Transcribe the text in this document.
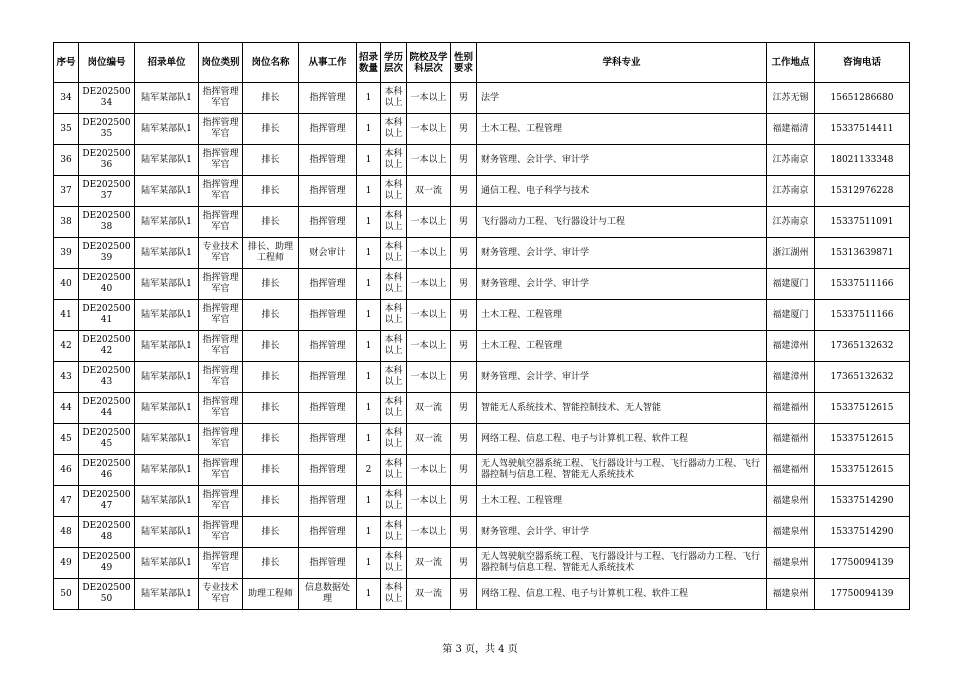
序号	岗位编号	招录单位	岗位类别	岗位名称	从事工作	招录数量	学历层次	院校及学科层次	性别要求	学科专业	工作地点	咨询电话
34	DE20250034	陆军某部队1	指挥管理军官	排长	指挥管理	1	本科以上	一本以上	男	法学	江苏无锡	15651286680
35	DE20250035	陆军某部队1	指挥管理军官	排长	指挥管理	1	本科以上	一本以上	男	土木工程、工程管理	福建福清	15337514411
36	DE20250036	陆军某部队1	指挥管理军官	排长	指挥管理	1	本科以上	一本以上	男	财务管理、会计学、审计学	江苏南京	18021133348
37	DE20250037	陆军某部队1	指挥管理军官	排长	指挥管理	1	本科以上	双一流	男	通信工程、电子科学与技术	江苏南京	15312976228
38	DE20250038	陆军某部队1	指挥管理军官	排长	指挥管理	1	本科以上	一本以上	男	飞行器动力工程、飞行器设计与工程	江苏南京	15337511091
39	DE20250039	陆军某部队1	专业技术军官	排长、助理工程师	财会审计	1	本科以上	一本以上	男	财务管理、会计学、审计学	浙江湖州	15313639871
40	DE20250040	陆军某部队1	指挥管理军官	排长	指挥管理	1	本科以上	一本以上	男	财务管理、会计学、审计学	福建厦门	15337511166
41	DE20250041	陆军某部队1	指挥管理军官	排长	指挥管理	1	本科以上	一本以上	男	土木工程、工程管理	福建厦门	15337511166
42	DE20250042	陆军某部队1	指挥管理军官	排长	指挥管理	1	本科以上	一本以上	男	土木工程、工程管理	福建漳州	17365132632
43	DE20250043	陆军某部队1	指挥管理军官	排长	指挥管理	1	本科以上	一本以上	男	财务管理、会计学、审计学	福建漳州	17365132632
44	DE20250044	陆军某部队1	指挥管理军官	排长	指挥管理	1	本科以上	双一流	男	智能无人系统技术、智能控制技术、无人智能	福建福州	15337512615
45	DE20250045	陆军某部队1	指挥管理军官	排长	指挥管理	1	本科以上	双一流	男	网络工程、信息工程、电子与计算机工程、软件工程	福建福州	15337512615
46	DE20250046	陆军某部队1	指挥管理军官	排长	指挥管理	2	本科以上	一本以上	男	无人驾驶航空器系统工程、飞行器设计与工程、飞行器动力工程、飞行器控制与信息工程、智能无人系统技术	福建福州	15337512615
47	DE20250047	陆军某部队1	指挥管理军官	排长	指挥管理	1	本科以上	一本以上	男	土木工程、工程管理	福建泉州	15337514290
48	DE20250048	陆军某部队1	指挥管理军官	排长	指挥管理	1	本科以上	一本以上	男	财务管理、会计学、审计学	福建泉州	15337514290
49	DE20250049	陆军某部队1	指挥管理军官	排长	指挥管理	1	本科以上	双一流	男	无人驾驶航空器系统工程、飞行器设计与工程、飞行器动力工程、飞行器控制与信息工程、智能无人系统技术	福建泉州	17750094139
50	DE20250050	陆军某部队1	专业技术军官	助理工程师	信息数据处理	1	本科以上	双一流	男	网络工程、信息工程、电子与计算机工程、软件工程	福建泉州	17750094139
第 3 页，共 4 页
